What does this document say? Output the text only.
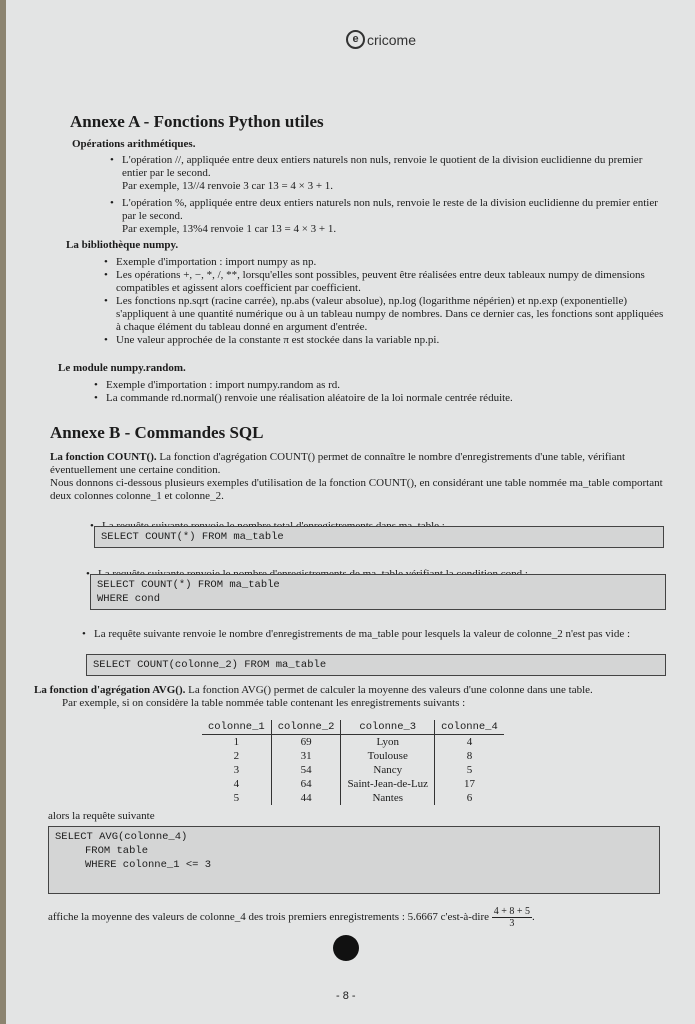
e cricome
Annexe A - Fonctions Python utiles
Opérations arithmétiques.
• L'opération //, appliquée entre deux entiers naturels non nuls, renvoie le quotient de la division euclidienne du premier entier par le second.
Par exemple, 13//4 renvoie 3 car 13 = 4 × 3 + 1.
• L'opération %, appliquée entre deux entiers naturels non nuls, renvoie le reste de la division euclidienne du premier entier par le second.
Par exemple, 13%4 renvoie 1 car 13 = 4 × 3 + 1.
La bibliothèque numpy.
• Exemple d'importation : import numpy as np.
• Les opérations +, −, *, /, **, lorsqu'elles sont possibles, peuvent être réalisées entre deux tableaux numpy de dimensions compatibles et agissent alors coefficient par coefficient.
• Les fonctions np.sqrt (racine carrée), np.abs (valeur absolue), np.log (logarithme népérien) et np.exp (exponentielle) s'appliquent à une quantité numérique ou à un tableau numpy de nombres. Dans ce dernier cas, les fonctions sont appliquées à chaque élément du tableau donné en argument d'entrée.
• Une valeur approchée de la constante π est stockée dans la variable np.pi.
Le module numpy.random.
• Exemple d'importation : import numpy.random as rd.
• La commande rd.normal() renvoie une réalisation aléatoire de la loi normale centrée réduite.
Annexe B - Commandes SQL
La fonction COUNT(). La fonction d'agrégation COUNT() permet de connaître le nombre d'enregistrements d'une table, vérifiant éventuellement une certaine condition.
Nous donnons ci-dessous plusieurs exemples d'utilisation de la fonction COUNT(), en considérant une table nommée ma_table comportant deux colonnes colonne_1 et colonne_2.
•
SELECT COUNT(*) FROM ma_table
•
SELECT COUNT(*) FROM ma_table
WHERE cond
• La requête suivante renvoie le nombre d'enregistrements de ma_table pour lesquels la valeur de colonne_2 n'est pas vide :
SELECT COUNT(colonne_2) FROM ma_table
La fonction d'agrégation AVG(). La fonction AVG() permet de calculer la moyenne des valeurs d'une colonne dans une table.
Par exemple, si on considère la table nommée table contenant les enregistrements suivants :
colonne_1	colonne_2	colonne_3	colonne_4
1	69	Lyon	4
2	31	Toulouse	8
3	54	Nancy	5
4	64	Saint-Jean-de-Luz	17
5	44	Nantes	6
alors la requête suivante
SELECT AVG(colonne_4)
FROM table
WHERE colonne_1 <= 3
affiche la moyenne des valeurs de colonne_4 des trois premiers enregistrements : 5.6667 c'est-à-dire $\frac{4 + 8 + 5}{3}$ .
- 8 -
